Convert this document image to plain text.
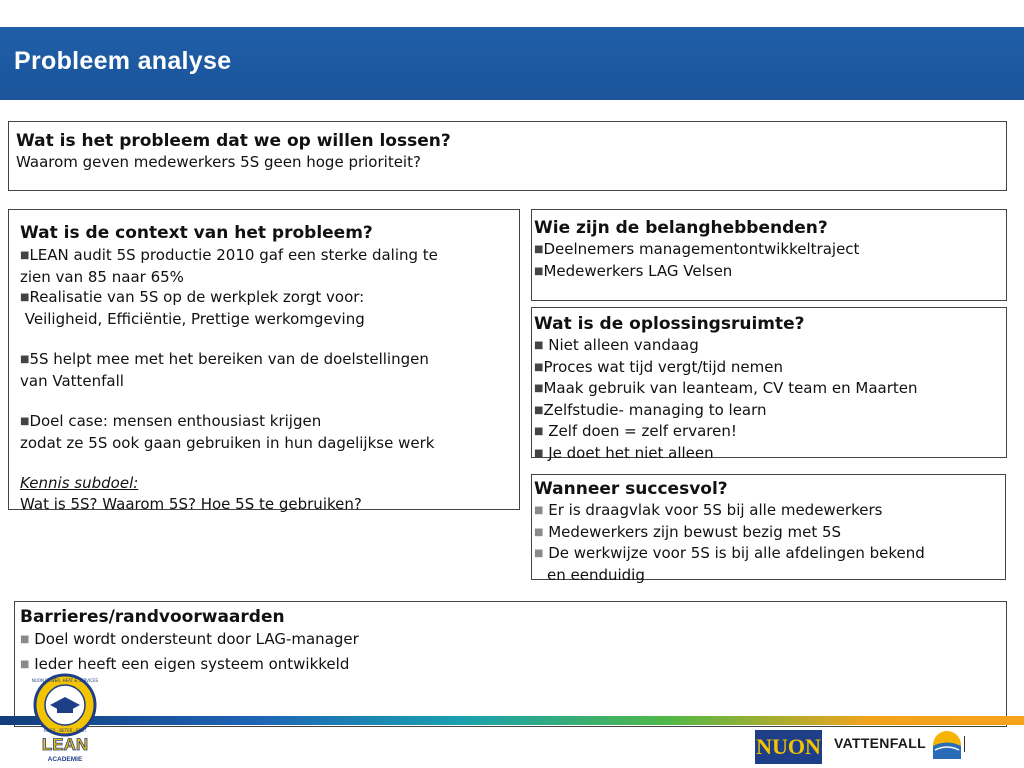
Probleem analyse
Wat is het probleem dat we op willen lossen?

Waarom geven medewerkers 5S geen hoge prioriteit?

Wat is de context van het probleem?

■LEAN audit 5S productie 2010 gaf een sterke daling te

zien van 85 naar 65%

■Realisatie van 5S op de werkplek zorgt voor:

Veiligheid, Efficiëntie, Prettige werkomgeving

■5S helpt mee met het bereiken van de doelstellingen

van Vattenfall

■Doel case: mensen enthousiast krijgen

zodat ze 5S ook gaan gebruiken in hun dagelijkse werk

Kennis subdoel:

Wat is 5S? Waarom 5S? Hoe 5S te gebruiken?

Wie zijn de belanghebbenden?

■Deelnemers managementontwikkeltraject

■Medewerkers LAG Velsen

Wat is de oplossingsruimte?

■ Niet alleen vandaag

■Proces wat tijd vergt/tijd nemen

■Maak gebruik van leanteam, CV team en Maarten

■Zelfstudie- managing to learn

■ Zelf doen = zelf ervaren!

■ Je doet het niet alleen

Wanneer succesvol?

■ Er is draagvlak voor 5S bij alle medewerkers

■ Medewerkers zijn bewust bezig met 5S

■ De werkwijze voor 5S is bij alle afdelingen bekend

en eenduidig

Barrieres/randvoorwaarden

■ Doel wordt ondersteunt door LAG-manager

■ Ieder heeft een eigen systeem ontwikkeld

NUON POWER, HEAT & SERVICES
GOED · BETER · BEST
LEAN
ACADEMIE
NUON VATTENFALL
